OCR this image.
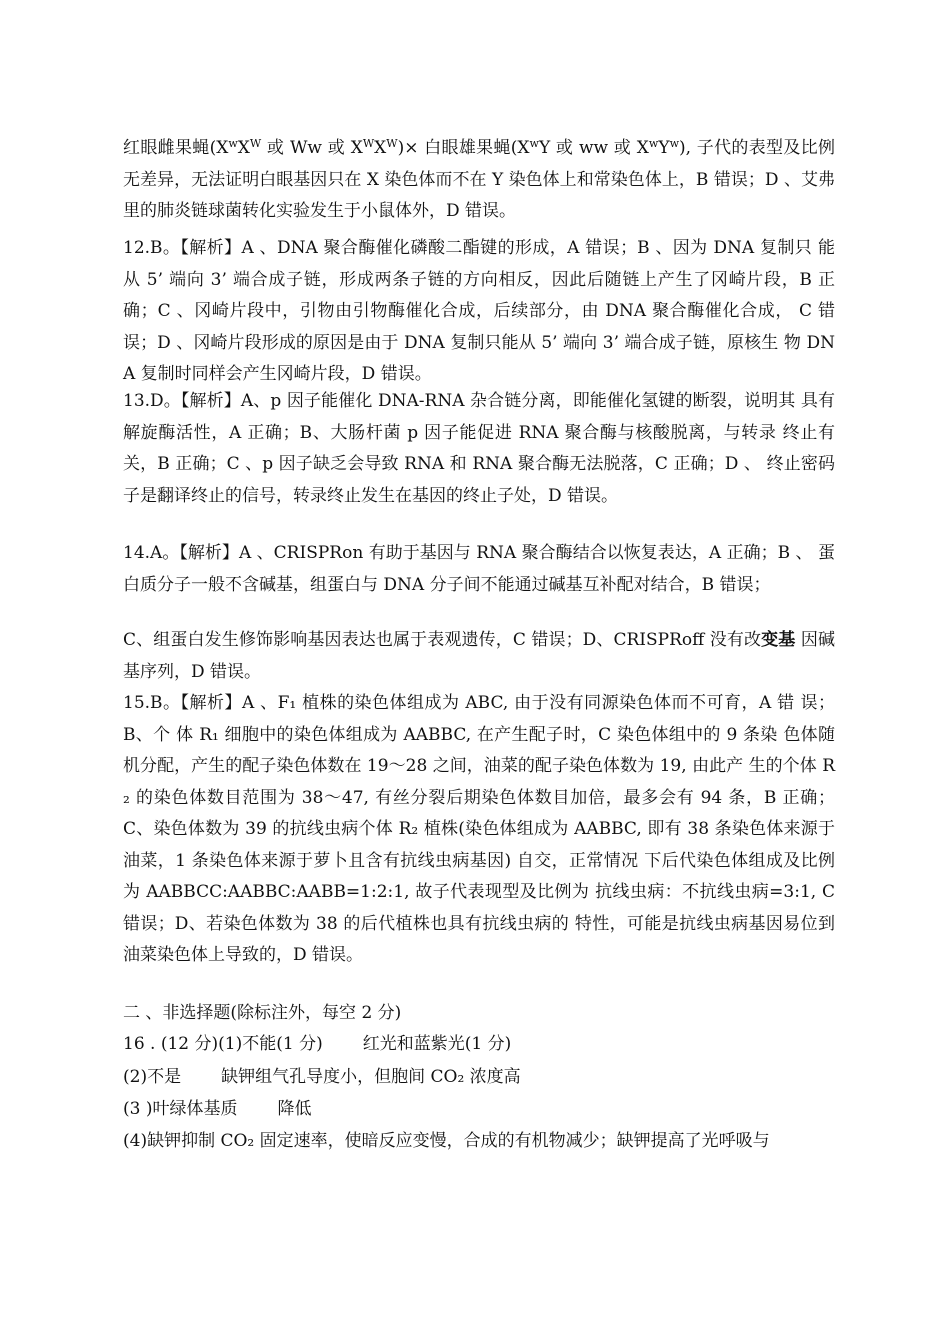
红眼雌果蝇($X^wX^W$ 或 Ww 或 $X^WX^W)\times$ 白眼雄果蝇($X^wY$ 或 ww 或 $X^wY^w$), 子代的表型及比例无差异，无法证明白眼基因只在 X 染色体而不在 Y 染色体上和常染色体上，B 错误；D 、艾弗里的肺炎链球菌转化实验发生于小鼠体外，D 错误。

12.B。【解析】A 、DNA 聚合酶催化磷酸二酯键的形成，A 错误；B 、因为 DNA 复制只 能从 5’ 端向 3’ 端合成子链，形成两条子链的方向相反，因此后随链上产生了冈崎片段，B 正确；C 、冈崎片段中，引物由引物酶催化合成，后续部分，由 DNA 聚合酶催化合成， C 错误；D 、冈崎片段形成的原因是由于 DNA 复制只能从 5’ 端向 3’ 端合成子链，原核生 物 DNA 复制时同样会产生冈崎片段，D 错误。

13.D。【解析】A、p 因子能催化 DNA-RNA 杂合链分离，即能催化氢键的断裂，说明其 具有解旋酶活性，A 正确；B、大肠杆菌 p 因子能促进 RNA 聚合酶与核酸脱离，与转录 终止有关，B 正确；C 、p 因子缺乏会导致 RNA 和 RNA 聚合酶无法脱落，C 正确；D 、 终止密码子是翻译终止的信号，转录终止发生在基因的终止子处，D 错误。

14.A。【解析】A 、CRISPRon 有助于基因与 RNA 聚合酶结合以恢复表达，A 正确；B 、 蛋白质分子一般不含碱基，组蛋白与 DNA 分子间不能通过碱基互补配对结合，B 错误；

C、组蛋白发生修饰影响基因表达也属于表观遗传，C 错误；D、CRISPRoff 没有改变基 因碱基序列，D 错误。

15.B。【解析】A 、F₁ 植株的染色体组成为 ABC, 由于没有同源染色体而不可育，A 错 误；B、个 体 R₁ 细胞中的染色体组成为 AABBC, 在产生配子时，C 染色体组中的 9 条染 色体随机分配，产生的配子染色体数在 19～28 之间，油菜的配子染色体数为 19, 由此产 生的个体 R₂ 的染色体数目范围为 38～47, 有丝分裂后期染色体数目加倍，最多会有 94 条，B 正确；C、染色体数为 39 的抗线虫病个体 R₂ 植株(染色体组成为 AABBC, 即有 38 条染色体来源于油菜，1 条染色体来源于萝卜且含有抗线虫病基因) 自交，正常情况 下后代染色体组成及比例为 AABBCC:AABBC:AABB=1:2:1, 故子代表现型及比例为 抗线虫病：不抗线虫病=3:1, C 错误；D、若染色体数为 38 的后代植株也具有抗线虫病的 特性，可能是抗线虫病基因易位到油菜染色体上导致的，D 错误。

二 、非选择题(除标注外，每空 2 分)

16 . (12 分)(1)不能(1 分) 红光和蓝紫光(1 分)

(2)不是 缺钾组气孔导度小，但胞间 CO₂ 浓度高

(3 )叶绿体基质 降低

(4)缺钾抑制 CO₂ 固定速率，使暗反应变慢，合成的有机物减少；缺钾提高了光呼吸与
